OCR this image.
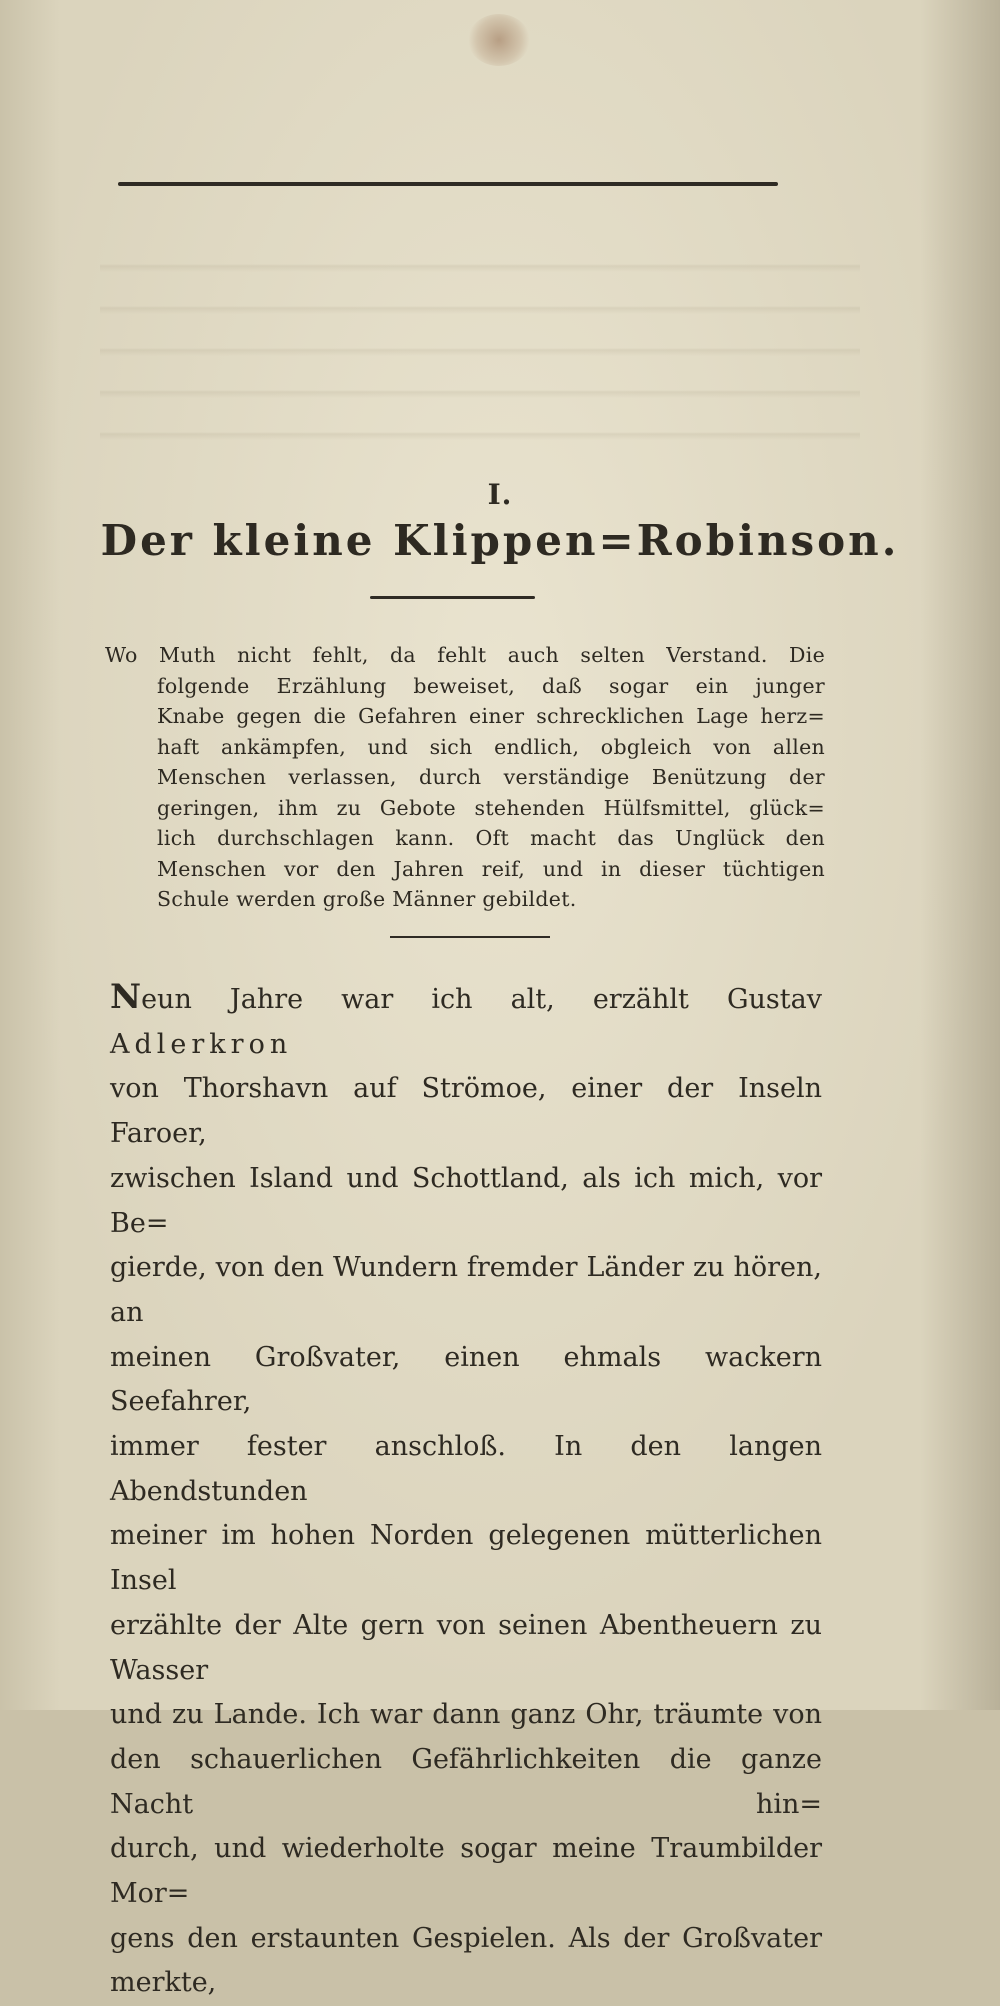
I.
Der kleine Klippen=Robinson.
Wo Muth nicht fehlt, da fehlt auch selten Verstand. Die
folgende Erzählung beweiset, daß sogar ein junger
Knabe gegen die Gefahren einer schrecklichen Lage herz=
haft ankämpfen, und sich endlich, obgleich von allen
Menschen verlassen, durch verständige Benützung der
geringen, ihm zu Gebote stehenden Hülfsmittel, glück=
lich durchschlagen kann. Oft macht das Unglück den
Menschen vor den Jahren reif, und in dieser tüchtigen
Schule werden große Männer gebildet.
Neun Jahre war ich alt, erzählt Gustav Adlerkron
von Thorshavn auf Strömoe, einer der Inseln Faroer,
zwischen Island und Schottland, als ich mich, vor Be=
gierde, von den Wundern fremder Länder zu hören, an
meinen Großvater, einen ehmals wackern Seefahrer,
immer fester anschloß. In den langen Abendstunden
meiner im hohen Norden gelegenen mütterlichen Insel
erzählte der Alte gern von seinen Abentheuern zu Wasser
und zu Lande. Ich war dann ganz Ohr, träumte von
den schauerlichen Gefährlichkeiten die ganze Nacht hin=
durch, und wiederholte sogar meine Traumbilder Mor=
gens den erstaunten Gespielen. Als der Großvater merkte,
